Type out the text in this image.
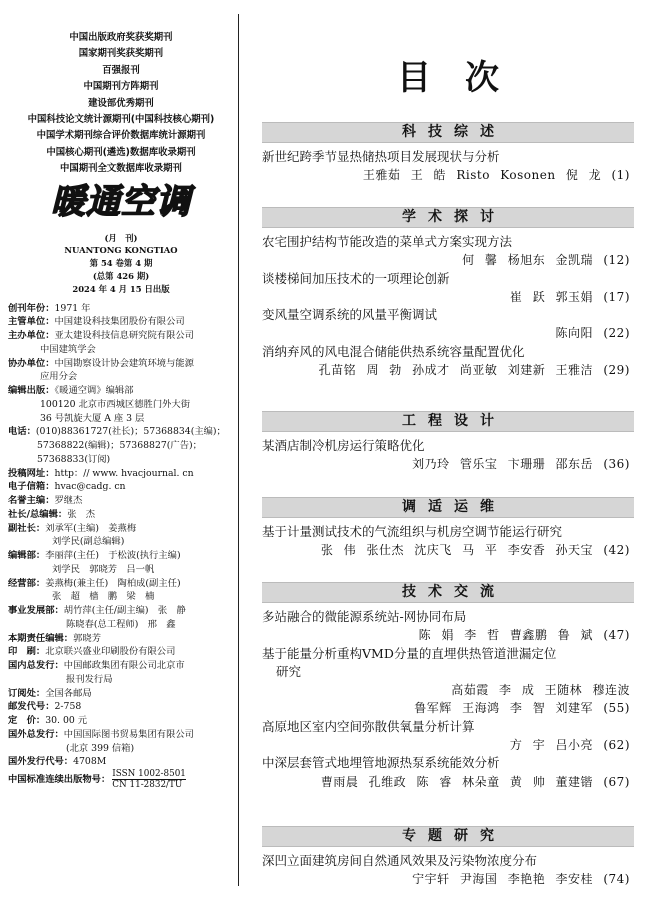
中国出版政府奖获奖期刊
国家期刊奖获奖期刊
百强报刊
中国期刊方阵期刊
建设部优秀期刊
中国科技论文统计源期刊(中国科技核心期刊)
中国学术期刊综合评价数据库统计源期刊
中国核心期刊(遴选)数据库收录期刊
中国期刊全文数据库收录期刊
暖通空调
(月　刊)
NUANTONG KONGTIAO
第 54 卷第 4 期
(总第 426 期)
2024 年 4 月 15 日出版
创刊年份：1971 年
主管单位：中国建设科技集团股份有限公司
主办单位：亚太建设科技信息研究院有限公司
中国建筑学会
协办单位：中国勘察设计协会建筑环境与能源
应用分会
编辑出版：《暖通空调》编辑部
100120 北京市西城区德胜门外大街
36 号凯旋大厦 A 座 3 层
电话：(010)88361727(社长)；57368834(主编)；
57368822(编辑)；57368827(广告)；
57368833(订阅)
投稿网址：http：// www. hvacjournal. cn
电子信箱：hvac@cadg. cn
名誉主编：罗继杰
社长/总编辑：张　杰
副社长：刘承军(主编)　姜燕梅
刘学民(副总编辑)
编辑部：李丽萍(主任)　于松波(执行主编)
刘学民　郭晓芳　吕一帆
经营部：姜燕梅(兼主任)　陶柏成(副主任)
张　超　樯　鹏　梁　楠
事业发展部：胡竹萍(主任/副主编)　张　静
陈晓春(总工程师)　邢　鑫
本期责任编辑：郭晓芳
印　刷：北京联兴盛业印刷股份有限公司
国内总发行：中国邮政集团有限公司北京市
报刊发行局
订阅处：全国各邮局
邮发代号：2-758
定　价：30. 00 元
国外总发行：中国国际图书贸易集团有限公司
(北京 399 信箱)
国外发行代号：4708M
中国标准连续出版物号： ISSN 1002-8501
CN 11-2832/TU
目次
科技综述
新世纪跨季节显热储热项目发展现状与分析
王雅茹 王 皓 Risto Kosonen 倪 龙 (1)
学术探讨
农宅围护结构节能改造的菜单式方案实现方法
何 馨 杨旭东 金凯瑞 (12)
谈楼梯间加压技术的一项理论创新
崔 跃 郭玉娟 (17)
变风量空调系统的风量平衡调试
陈向阳 (22)
消纳弃风的风电混合储能供热系统容量配置优化
孔苗铭 周 勃 孙成才 尚亚敏 刘建新 王雅洁 (29)
工程设计
某酒店制冷机房运行策略优化
刘乃玲 管乐宝 卞珊珊 邵东岳 (36)
调适运维
基于计量测试技术的气流组织与机房空调节能运行研究
张 伟 张仕杰 沈庆飞 马 平 李安香 孙天宝 (42)
技术交流
多站融合的微能源系统站-网协同布局
陈 娟 李 哲 曹鑫鹏 鲁 斌 (47)
基于能量分析重构VMD分量的直埋供热管道泄漏定位
研究
高茹霞 李 成 王随林 穆连波
鲁军辉 王海鸿 李 智 刘建军 (55)
高原地区室内空间弥散供氧量分析计算
方 宇 吕小亮 (62)
中深层套管式地埋管地源热泵系统能效分析
曹雨晨 孔维政 陈 睿 林朵童 黄 帅 董建锴 (67)
专题研究
深凹立面建筑房间自然通风效果及污染物浓度分布
宁宇轩 尹海国 李艳艳 李安桂 (74)
